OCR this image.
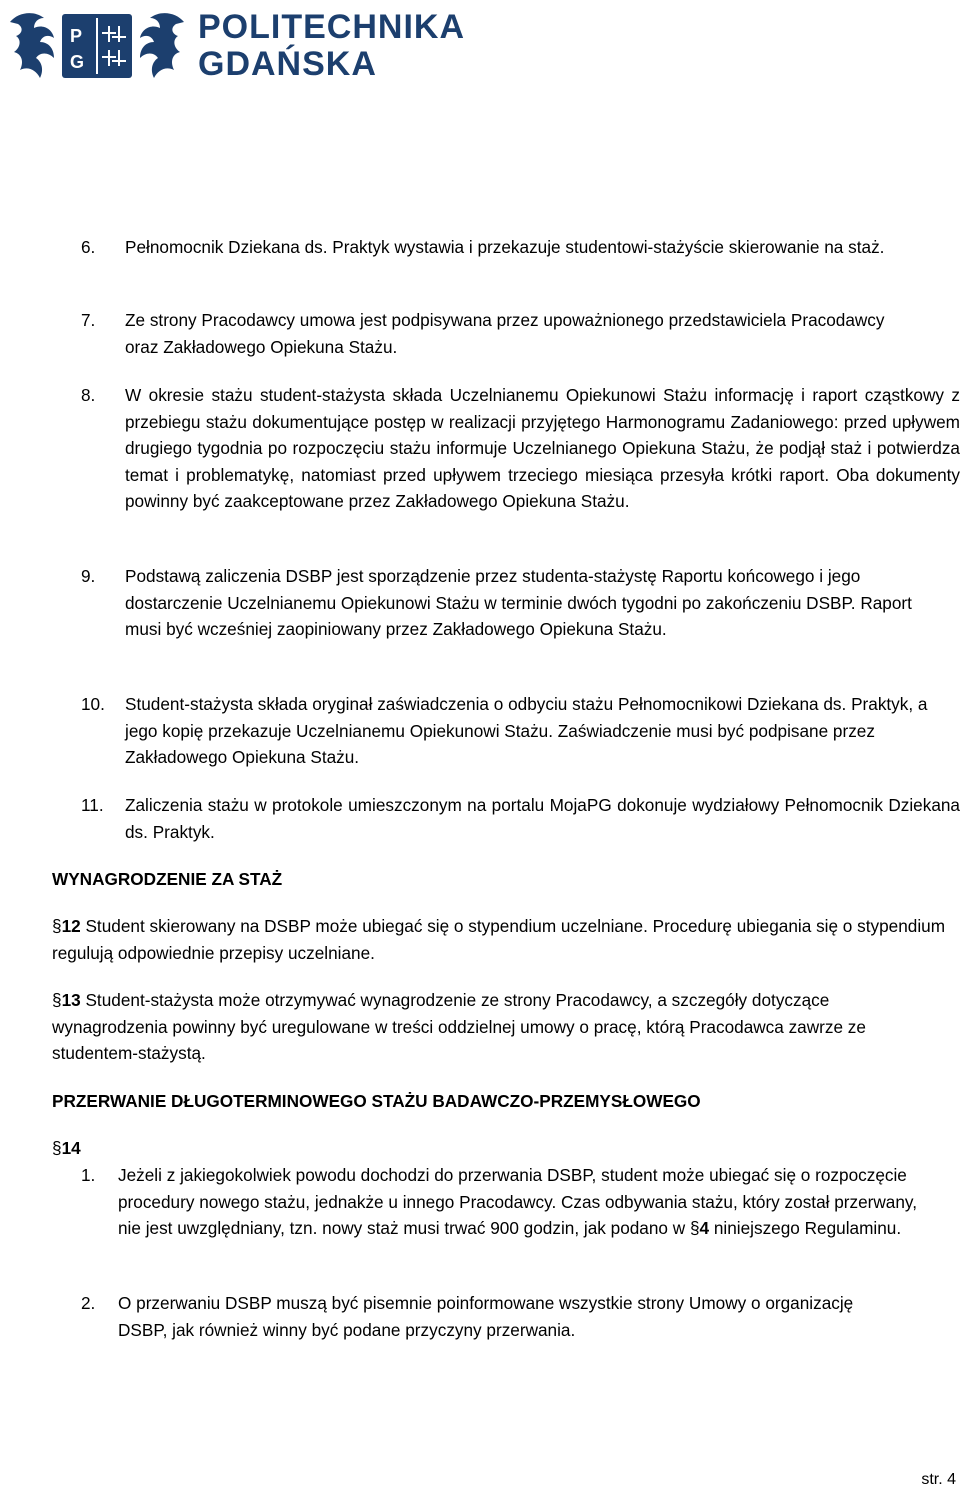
P
G
POLITECHNIKA
GDAŃSKA
6. Pełnomocnik Dziekana ds. Praktyk wystawia i przekazuje studentowi-stażyście skierowanie na staż.
7. Ze strony Pracodawcy umowa jest podpisywana przez upoważnionego przedstawiciela Pracodawcy oraz Zakładowego Opiekuna Stażu.
8. W okresie stażu student-stażysta składa Uczelnianemu Opiekunowi Stażu informację i raport cząstkowy z przebiegu stażu dokumentujące postęp w realizacji przyjętego Harmonogramu Zadaniowego: przed upływem drugiego tygodnia po rozpoczęciu stażu informuje Uczelnianego Opiekuna Stażu, że podjął staż i potwierdza temat i problematykę, natomiast przed upływem trzeciego miesiąca przesyła krótki raport. Oba dokumenty powinny być zaakceptowane przez Zakładowego Opiekuna Stażu.
9. Podstawą zaliczenia DSBP jest sporządzenie przez studenta-stażystę Raportu końcowego i jego dostarczenie Uczelnianemu Opiekunowi Stażu w terminie dwóch tygodni po zakończeniu DSBP. Raport musi być wcześniej zaopiniowany przez Zakładowego Opiekuna Stażu.
10. Student-stażysta składa oryginał zaświadczenia o odbyciu stażu Pełnomocnikowi Dziekana ds. Praktyk, a jego kopię przekazuje Uczelnianemu Opiekunowi Stażu. Zaświadczenie musi być podpisane przez Zakładowego Opiekuna Stażu.
11. Zaliczenia stażu w protokole umieszczonym na portalu MojaPG dokonuje wydziałowy Pełnomocnik Dziekana ds. Praktyk.
WYNAGRODZENIE ZA STAŻ
§12 Student skierowany na DSBP może ubiegać się o stypendium uczelniane. Procedurę ubiegania się o stypendium regulują odpowiednie przepisy uczelniane.
§13 Student-stażysta może otrzymywać wynagrodzenie ze strony Pracodawcy, a szczegóły dotyczące wynagrodzenia powinny być uregulowane w treści oddzielnej umowy o pracę, którą Pracodawca zawrze ze studentem-stażystą.
PRZERWANIE DŁUGOTERMINOWEGO STAŻU BADAWCZO-PRZEMYSŁOWEGO
§14
1. Jeżeli z jakiegokolwiek powodu dochodzi do przerwania DSBP, student może ubiegać się o rozpoczęcie procedury nowego stażu, jednakże u innego Pracodawcy. Czas odbywania stażu, który został przerwany, nie jest uwzględniany, tzn. nowy staż musi trwać 900 godzin, jak podano w §4 niniejszego Regulaminu.
2. O przerwaniu DSBP muszą być pisemnie poinformowane wszystkie strony Umowy o organizację DSBP, jak również winny być podane przyczyny przerwania.
str. 4
